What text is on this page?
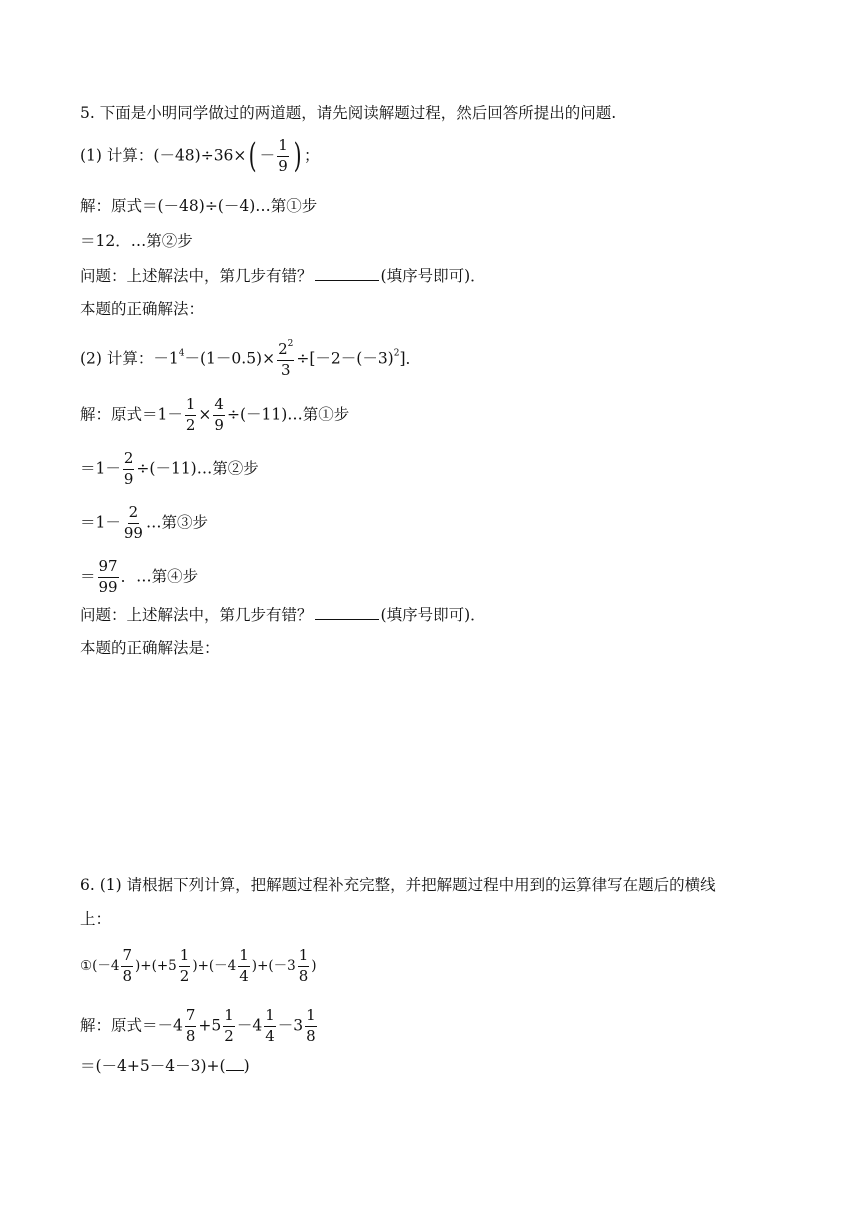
5. 下面是小明同学做过的两道题，请先阅读解题过程，然后回答所提出的问题.
(1) 计算：$(-48)\div 36\times( - \frac{1}{9}$ ) ；
解：原式＝(－48)÷(－4)…第①步
＝12．…第②步
问题：上述解法中，第几步有错？	(填序号即可)．
本题的正确解法：
(2) 计算：$-1^4-(1-0.5)\times \frac{2^2}{3} \div[-2-(-3)^2]$．
解：原式$=1- \frac{1}{2} \times \frac{4}{9}$ ÷(－11)…第①步
$=1- \frac{2}{9}$ ÷(－11)…第②步
$=1- \frac{2}{99}$ …第③步
＝ $\frac{97}{99}$ ．…第④步
问题：上述解法中，第几步有错？	(填序号即可)．
本题的正确解法是：
6. (1) 请根据下列计算，把解题过程补充完整，并把解题过程中用到的运算律写在题后的横线
上：
①(－4 $\frac{7}{8} )+(+5 \frac{1}{2} )+(-4 \frac{1}{4} )+(-3 \frac{1}{8}$ )
解：原式$=-4 \frac{7}{8} +5 \frac{1}{2} -4 \frac{1}{4} -3 \frac{1}{8}$
＝(－4+5－4－3)+( )
